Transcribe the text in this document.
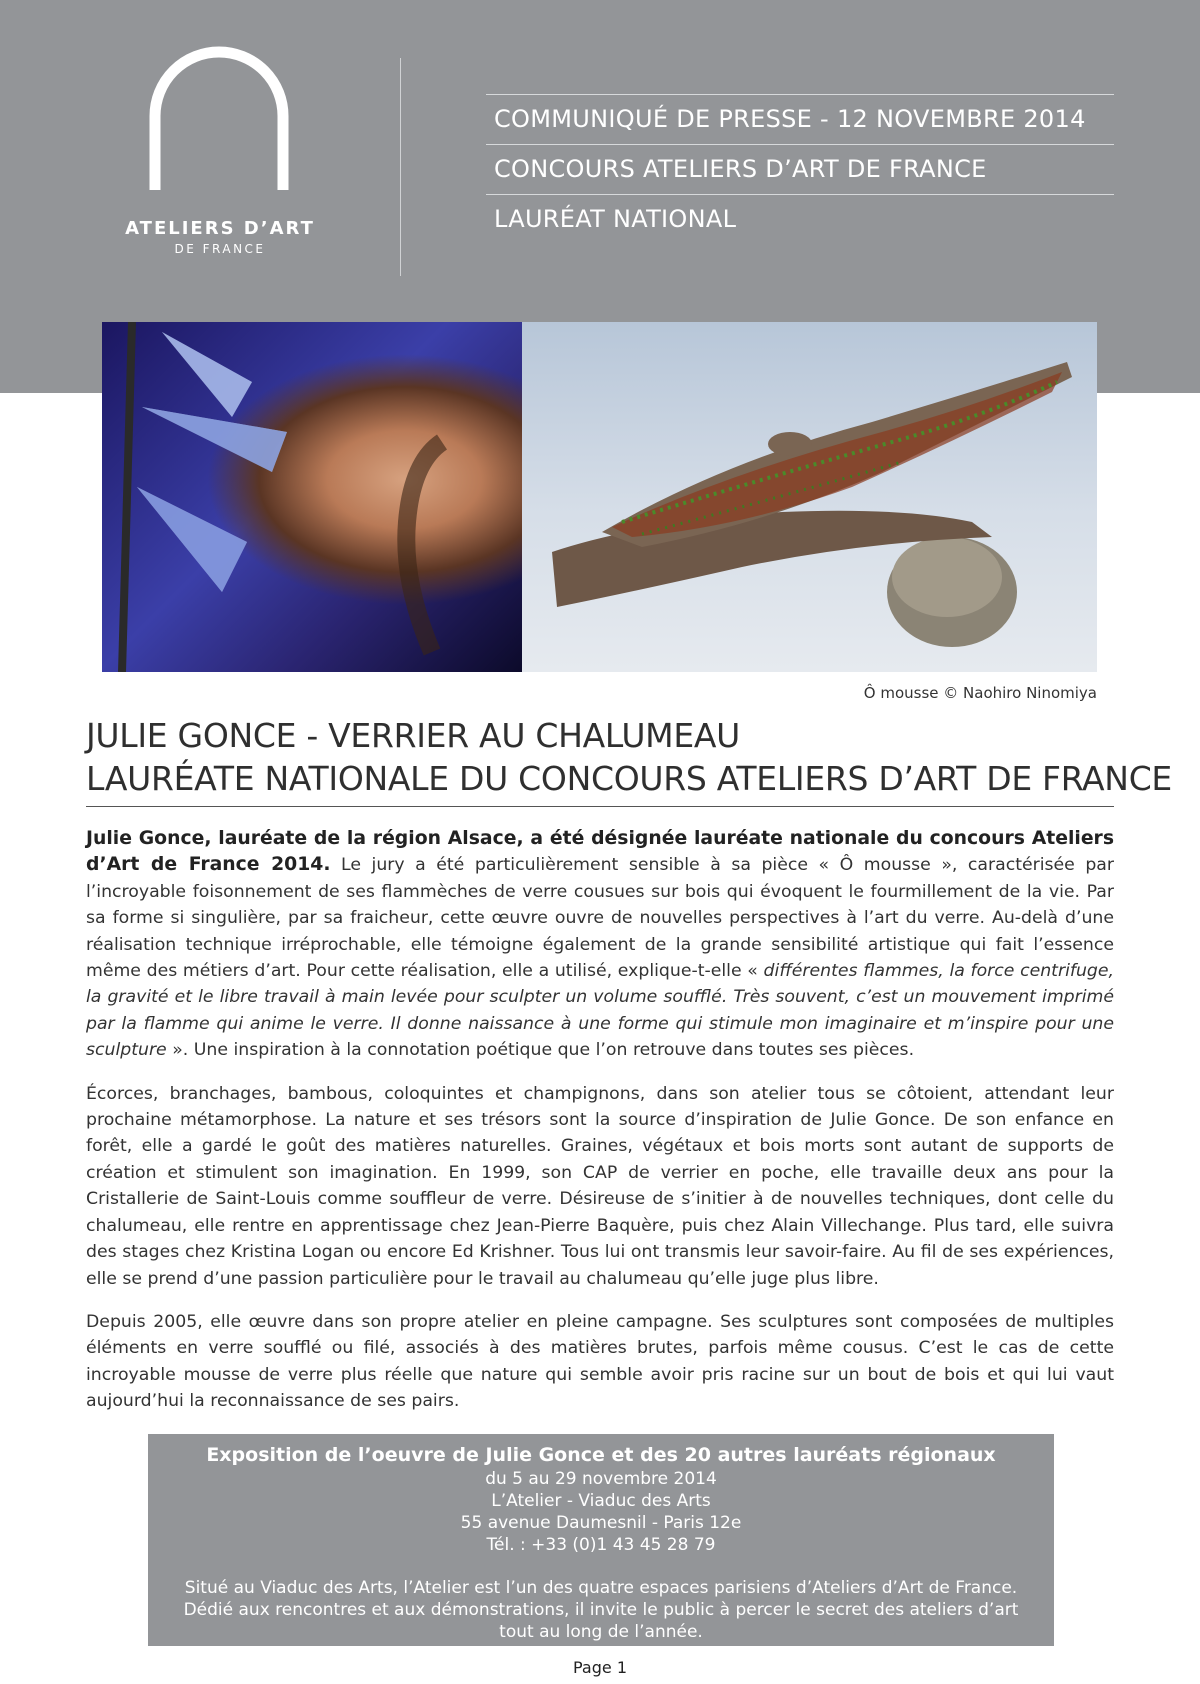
ATELIERS D’ART
DE FRANCE
COMMUNIQUÉ DE PRESSE - 12 NOVEMBRE 2014
CONCOURS ATELIERS D’ART DE FRANCE
LAURÉAT NATIONAL
Ô mousse © Naohiro Ninomiya
JULIE GONCE - VERRIER AU CHALUMEAU
LAURÉATE NATIONALE DU CONCOURS ATELIERS D’ART DE FRANCE

Julie Gonce, lauréate de la région Alsace, a été désignée lauréate nationale du concours Ateliers d’Art de France 2014. Le jury a été particulièrement sensible à sa pièce « Ô mousse », caractérisée par l’incroyable foisonnement de ses flammèches de verre cousues sur bois qui évoquent le fourmillement de la vie. Par sa forme si singulière, par sa fraicheur, cette œuvre ouvre de nouvelles perspectives à l’art du verre. Au-delà d’une réalisation technique irréprochable, elle témoigne également de la grande sensibilité artistique qui fait l’essence même des métiers d’art. Pour cette réalisation, elle a utilisé, explique-t-elle « différentes flammes, la force centrifuge, la gravité et le libre travail à main levée pour sculpter un volume soufflé. Très souvent, c’est un mouvement imprimé par la flamme qui anime le verre. Il donne naissance à une forme qui stimule mon imaginaire et m’inspire pour une sculpture ». Une inspiration à la connotation poétique que l’on retrouve dans toutes ses pièces.

Écorces, branchages, bambous, coloquintes et champignons, dans son atelier tous se côtoient, attendant leur prochaine métamorphose. La nature et ses trésors sont la source d’inspiration de Julie Gonce. De son enfance en forêt, elle a gardé le goût des matières naturelles. Graines, végétaux et bois morts sont autant de supports de création et stimulent son imagination. En 1999, son CAP de verrier en poche, elle travaille deux ans pour la Cristallerie de Saint-Louis comme souffleur de verre. Désireuse de s’initier à de nouvelles techniques, dont celle du chalumeau, elle rentre en apprentissage chez Jean-Pierre Baquère, puis chez Alain Villechange. Plus tard, elle suivra des stages chez Kristina Logan ou encore Ed Krishner. Tous lui ont transmis leur savoir-faire. Au fil de ses expériences, elle se prend d’une passion particulière pour le travail au chalumeau qu’elle juge plus libre.

Depuis 2005, elle œuvre dans son propre atelier en pleine campagne. Ses sculptures sont composées de multiples éléments en verre soufflé ou filé, associés à des matières brutes, parfois même cousus. C’est le cas de cette incroyable mousse de verre plus réelle que nature qui semble avoir pris racine sur un bout de bois et qui lui vaut aujourd’hui la reconnaissance de ses pairs.

Exposition de l’oeuvre de Julie Gonce et des 20 autres lauréats régionaux
du 5 au 29 novembre 2014
L’Atelier - Viaduc des Arts
55 avenue Daumesnil - Paris 12e
Tél. : +33 (0)1 43 45 28 79
Situé au Viaduc des Arts, l’Atelier est l’un des quatre espaces parisiens d’Ateliers d’Art de France. Dédié aux rencontres et aux démonstrations, il invite le public à percer le secret des ateliers d’art tout au long de l’année.
Page 1
